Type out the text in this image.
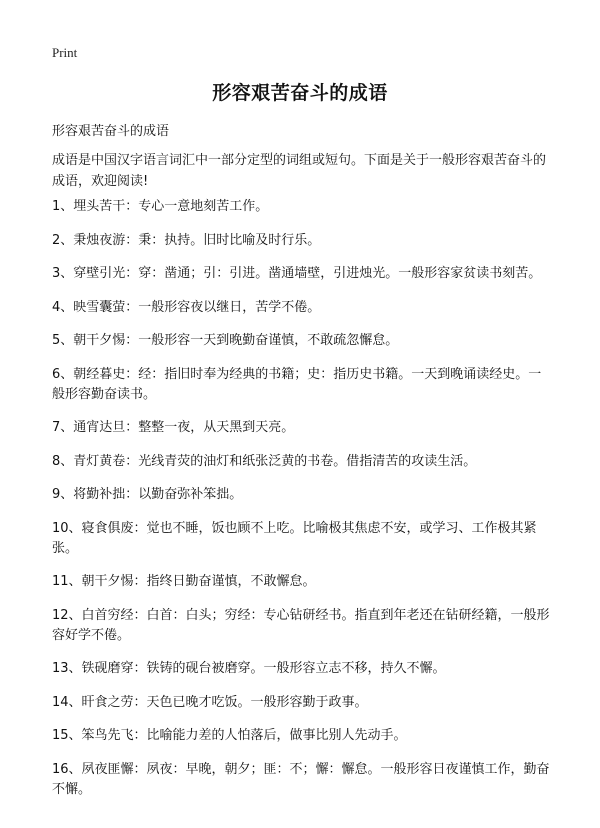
Print
形容艰苦奋斗的成语
形容艰苦奋斗的成语
成语是中国汉字语言词汇中一部分定型的词组或短句。下面是关于一般形容艰苦奋斗的成语，欢迎阅读!
1、埋头苦干：专心一意地刻苦工作。
2、秉烛夜游：秉：执持。旧时比喻及时行乐。
3、穿壁引光：穿：凿通；引：引进。凿通墙壁，引进烛光。一般形容家贫读书刻苦。
4、映雪囊萤：一般形容夜以继日，苦学不倦。
5、朝干夕惕：一般形容一天到晚勤奋谨慎，不敢疏忽懈怠。
6、朝经暮史：经：指旧时奉为经典的书籍；史：指历史书籍。一天到晚诵读经史。一般形容勤奋读书。
7、通宵达旦：整整一夜，从天黑到天亮。
8、青灯黄卷：光线青荧的油灯和纸张泛黄的书卷。借指清苦的攻读生活。
9、将勤补拙：以勤奋弥补笨拙。
10、寝食俱废：觉也不睡，饭也顾不上吃。比喻极其焦虑不安，或学习、工作极其紧张。
11、朝干夕惕：指终日勤奋谨慎，不敢懈怠。
12、白首穷经：白首：白头；穷经：专心钻研经书。指直到年老还在钻研经籍，一般形容好学不倦。
13、铁砚磨穿：铁铸的砚台被磨穿。一般形容立志不移，持久不懈。
14、旰食之劳：天色已晚才吃饭。一般形容勤于政事。
15、笨鸟先飞：比喻能力差的人怕落后，做事比别人先动手。
16、夙夜匪懈：夙夜：早晚，朝夕；匪：不；懈：懈怠。一般形容日夜谨慎工作，勤奋不懈。
